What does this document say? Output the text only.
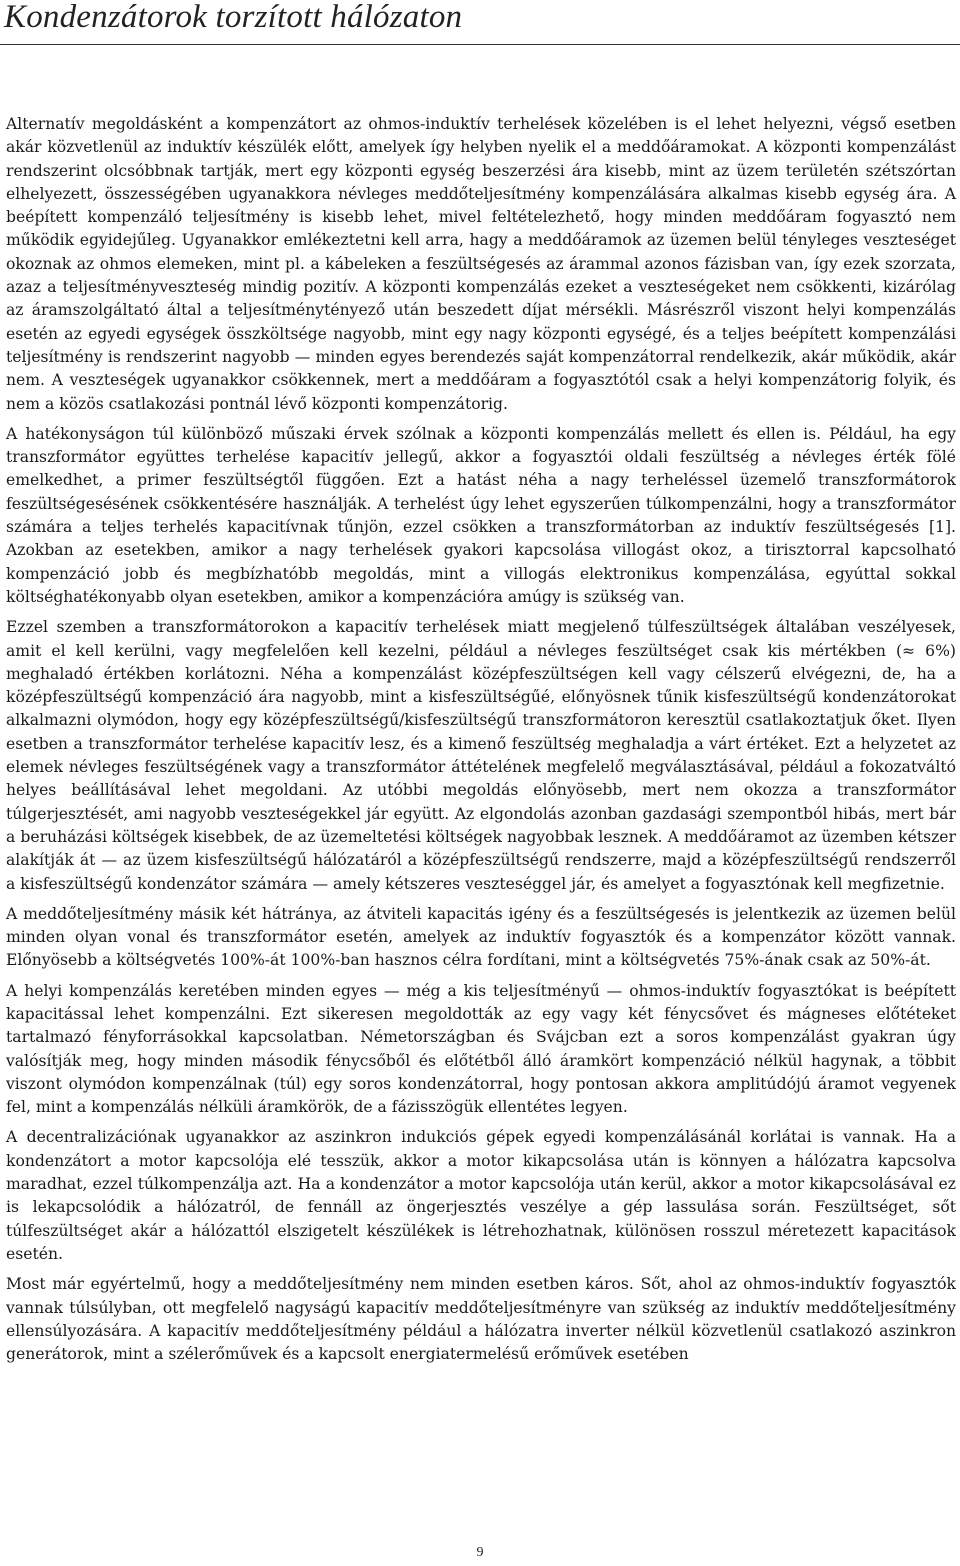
Kondenzátorok torzított hálózaton

Alternatív megoldásként a kompenzátort az ohmos-induktív terhelések közelében is el lehet helyezni, végső esetben akár közvetlenül az induktív készülék előtt, amelyek így helyben nyelik el a meddőáramokat. A központi kompenzálást rendszerint olcsóbbnak tartják, mert egy központi egység beszerzési ára kisebb, mint az üzem területén szétszórtan elhelyezett, összességében ugyanakkora névleges meddőteljesítmény kompenzálására alkalmas kisebb egység ára. A beépített kompenzáló teljesítmény is kisebb lehet, mivel feltételezhető, hogy minden meddőáram fogyasztó nem működik egyidejűleg. Ugyanakkor emlékeztetni kell arra, hagy a meddőáramok az üzemen belül tényleges veszteséget okoznak az ohmos elemeken, mint pl. a kábeleken a feszültségesés az árammal azonos fázisban van, így ezek szorzata, azaz a teljesítményveszteség mindig pozitív. A központi kompenzálás ezeket a veszteségeket nem csökkenti, kizárólag az áramszolgáltató által a teljesítménytényező után beszedett díjat mérsékli. Másrészről viszont helyi kompenzálás esetén az egyedi egységek összköltsége nagyobb, mint egy nagy központi egységé, és a teljes beépített kompenzálási teljesítmény is rendszerint nagyobb — minden egyes berendezés saját kompenzátorral rendelkezik, akár működik, akár nem. A veszteségek ugyanakkor csökkennek, mert a meddőáram a fogyasztótól csak a helyi kompenzátorig folyik, és nem a közös csatlakozási pontnál lévő központi kompenzátorig.

A hatékonyságon túl különböző műszaki érvek szólnak a központi kompenzálás mellett és ellen is. Például, ha egy transzformátor együttes terhelése kapacitív jellegű, akkor a fogyasztói oldali feszültség a névleges érték fölé emelkedhet, a primer feszültségtől függően. Ezt a hatást néha a nagy terheléssel üzemelő transzformátorok feszültségesésének csökkentésére használják. A terhelést úgy lehet egyszerűen túlkompenzálni, hogy a transzformátor számára a teljes terhelés kapacitívnak tűnjön, ezzel csökken a transzformátorban az induktív feszültségesés [1]. Azokban az esetekben, amikor a nagy terhelések gyakori kapcsolása villogást okoz, a tirisztorral kapcsolható kompenzáció jobb és megbízhatóbb megoldás, mint a villogás elektronikus kompenzálása, egyúttal sokkal költséghatékonyabb olyan esetekben, amikor a kompenzációra amúgy is szükség van.

Ezzel szemben a transzformátorokon a kapacitív terhelések miatt megjelenő túlfeszültségek általában veszélyesek, amit el kell kerülni, vagy megfelelően kell kezelni, például a névleges feszültséget csak kis mértékben (≈ 6%) meghaladó értékben korlátozni. Néha a kompenzálást középfeszültségen kell vagy célszerű elvégezni, de, ha a középfeszültségű kompenzáció ára nagyobb, mint a kisfeszültségűé, előnyösnek tűnik kisfeszültségű kondenzátorokat alkalmazni olymódon, hogy egy középfeszültségű/kisfeszültségű transzformátoron keresztül csatlakoztatjuk őket. Ilyen esetben a transzformátor terhelése kapacitív lesz, és a kimenő feszültség meghaladja a várt értéket. Ezt a helyzetet az elemek névleges feszültségének vagy a transzformátor áttételének megfelelő megválasztásával, például a fokozatváltó helyes beállításával lehet megoldani. Az utóbbi megoldás előnyösebb, mert nem okozza a transzformátor túlgerjesztését, ami nagyobb veszteségekkel jár együtt. Az elgondolás azonban gazdasági szempontból hibás, mert bár a beruházási költségek kisebbek, de az üzemeltetési költségek nagyobbak lesznek. A meddőáramot az üzemben kétszer alakítják át — az üzem kisfeszültségű hálózatáról a középfeszültségű rendszerre, majd a középfeszültségű rendszerről a kisfeszültségű kondenzátor számára — amely kétszeres veszteséggel jár, és amelyet a fogyasztónak kell megfizetnie.

A meddőteljesítmény másik két hátránya, az átviteli kapacitás igény és a feszültségesés is jelentkezik az üzemen belül minden olyan vonal és transzformátor esetén, amelyek az induktív fogyasztók és a kompenzátor között vannak. Előnyösebb a költségvetés 100%-át 100%-ban hasznos célra fordítani, mint a költségvetés 75%-ának csak az 50%-át.

A helyi kompenzálás keretében minden egyes — még a kis teljesítményű — ohmos-induktív fogyasztókat is beépített kapacitással lehet kompenzálni. Ezt sikeresen megoldották az egy vagy két fénycsővet és mágneses előtéteket tartalmazó fényforrásokkal kapcsolatban. Németországban és Svájcban ezt a soros kompenzálást gyakran úgy valósítják meg, hogy minden második fénycsőből és előtétből álló áramkört kompenzáció nélkül hagynak, a többit viszont olymódon kompenzálnak (túl) egy soros kondenzátorral, hogy pontosan akkora amplitúdójú áramot vegyenek fel, mint a kompenzálás nélküli áramkörök, de a fázisszögük ellentétes legyen.

A decentralizációnak ugyanakkor az aszinkron indukciós gépek egyedi kompenzálásánál korlátai is vannak. Ha a kondenzátort a motor kapcsolója elé tesszük, akkor a motor kikapcsolása után is könnyen a hálózatra kapcsolva maradhat, ezzel túlkompenzálja azt. Ha a kondenzátor a motor kapcsolója után kerül, akkor a motor kikapcsolásával ez is lekapcsolódik a hálózatról, de fennáll az öngerjesztés veszélye a gép lassulása során. Feszültséget, sőt túlfeszültséget akár a hálózattól elszigetelt készülékek is létrehozhatnak, különösen rosszul méretezett kapacitások esetén.

Most már egyértelmű, hogy a meddőteljesítmény nem minden esetben káros. Sőt, ahol az ohmos-induktív fogyasztók vannak túlsúlyban, ott megfelelő nagyságú kapacitív meddőteljesítményre van szükség az induktív meddőteljesítmény ellensúlyozására. A kapacitív meddőteljesítmény például a hálózatra inverter nélkül közvetlenül csatlakozó aszinkron generátorok, mint a szélerőművek és a kapcsolt energiatermelésű erőművek esetében

9
